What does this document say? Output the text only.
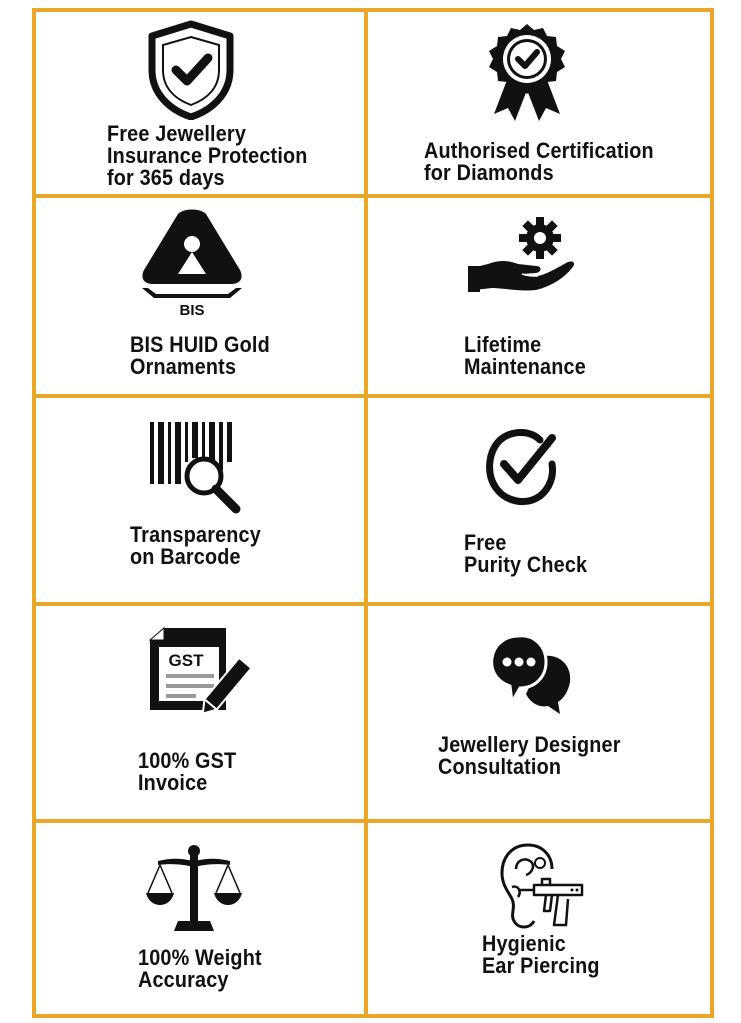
Free Jewellery
Insurance Protection
for 365 days
Authorised Certification
for Diamonds
BIS
BIS HUID Gold
Ornaments
Lifetime
Maintenance
Transparency
on Barcode
Free
Purity Check
GST
100% GST
Invoice
Jewellery Designer
Consultation
100% Weight
Accuracy
Hygienic
Ear Piercing
